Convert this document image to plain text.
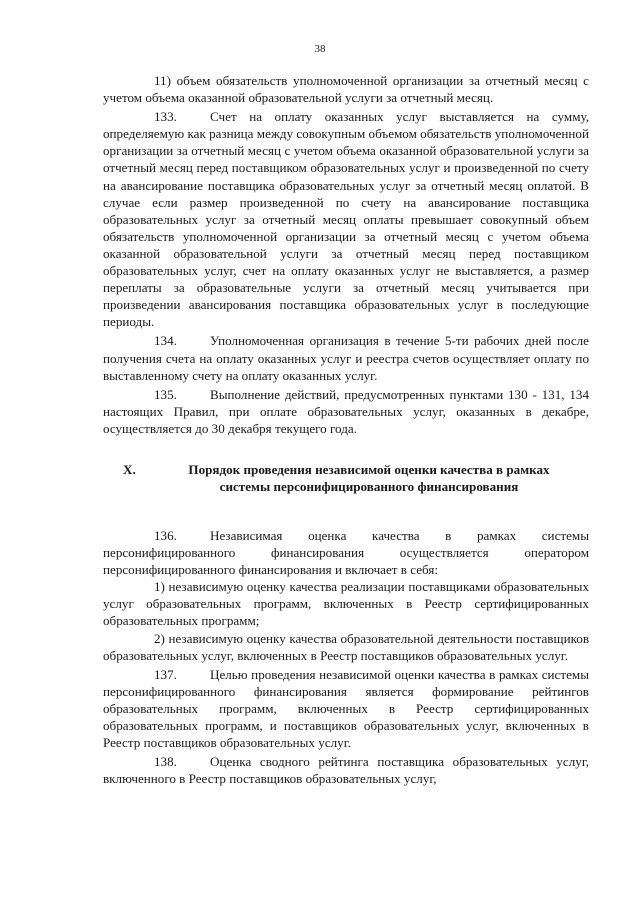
38

11) объем обязательств уполномоченной организации за отчетный месяц с учетом объема оказанной образовательной услуги за отчетный месяц.

133.	Счет на оплату оказанных услуг выставляется на сумму, определяемую как разница между совокупным объемом обязательств уполномоченной организации за отчетный месяц с учетом объема оказанной образовательной услуги за отчетный месяц перед поставщиком образовательных услуг и произведенной по счету на авансирование поставщика образовательных услуг за отчетный месяц оплатой. В случае если размер произведенной по счету на авансирование поставщика образовательных услуг за отчетный месяц оплаты превышает совокупный объем обязательств уполномоченной организации за отчетный месяц с учетом объема оказанной образовательной услуги за отчетный месяц перед поставщиком образовательных услуг, счет на оплату оказанных услуг не выставляется, а размер переплаты за образовательные услуги за отчетный месяц учитывается при произведении авансирования поставщика образовательных услуг в последующие периоды.

134.	Уполномоченная организация в течение 5-ти рабочих дней после получения счета на оплату оказанных услуг и реестра счетов осуществляет оплату по выставленному счету на оплату оказанных услуг.

135.	Выполнение действий, предусмотренных пунктами 130 - 131, 134 настоящих Правил, при оплате образовательных услуг, оказанных в декабре, осуществляется до 30 декабря текущего года.

X.	Порядок проведения независимой оценки качества в рамках системы персонифицированного финансирования

136.	Независимая оценка качества в рамках системы персонифицированного финансирования осуществляется оператором персонифицированного финансирования и включает в себя:

1) независимую оценку качества реализации поставщиками образовательных услуг образовательных программ, включенных в Реестр сертифицированных образовательных программ;

2) независимую оценку качества образовательной деятельности поставщиков образовательных услуг, включенных в Реестр поставщиков образовательных услуг.

137.	Целью проведения независимой оценки качества в рамках системы персонифицированного финансирования является формирование рейтингов образовательных программ, включенных в Реестр сертифицированных образовательных программ, и поставщиков образовательных услуг, включенных в Реестр поставщиков образовательных услуг.

138.	Оценка сводного рейтинга поставщика образовательных услуг, включенного в Реестр поставщиков образовательных услуг,
